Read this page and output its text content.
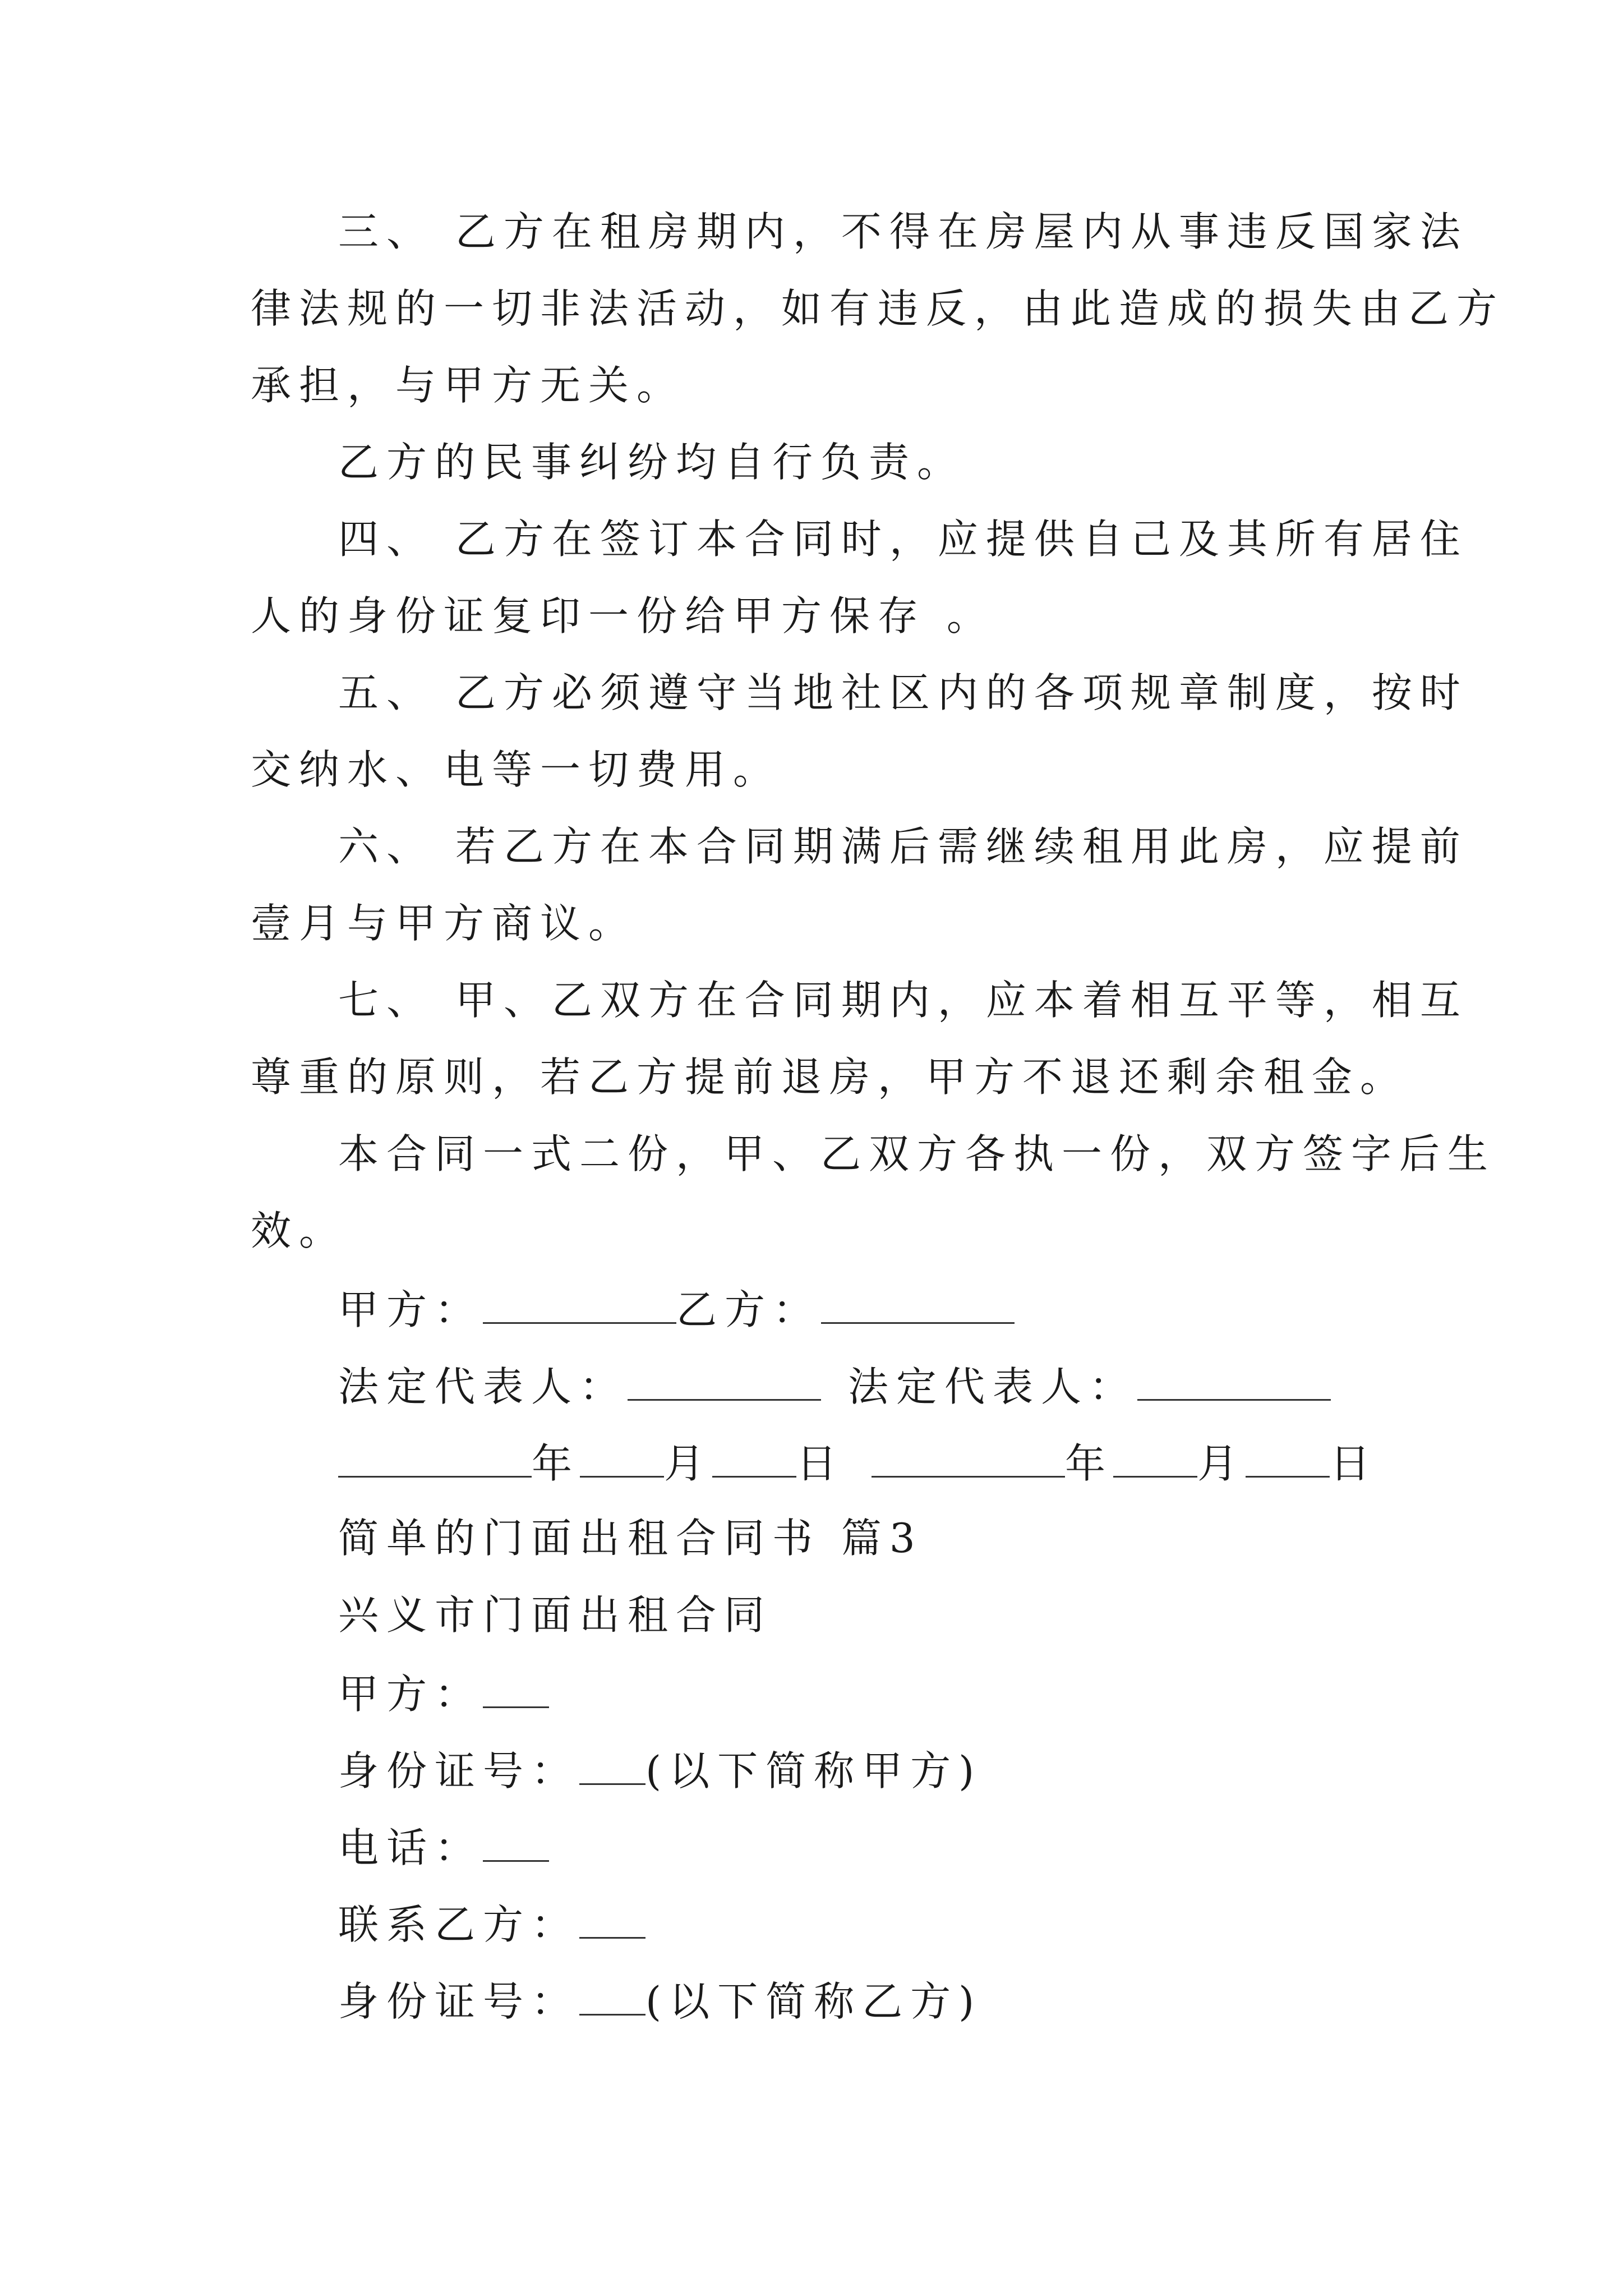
三、 乙方在租房期内，不得在房屋内从事违反国家法
律法规的一切非法活动，如有违反，由此造成的损失由乙方
承担，与甲方无关。
乙方的民事纠纷均自行负责。
四、 乙方在签订本合同时，应提供自己及其所有居住
人的身份证复印一份给甲方保存 。
五、 乙方必须遵守当地社区内的各项规章制度，按时
交纳水、电等一切费用。
六、 若乙方在本合同期满后需继续租用此房，应提前
壹月与甲方商议。
七、 甲、乙双方在合同期内，应本着相互平等，相互
尊重的原则，若乙方提前退房，甲方不退还剩余租金。
本合同一式二份，甲、乙双方各执一份，双方签字后生
效。
甲方：	乙方：
法定代表人：	法定代表人：
年 月 日	年 月 日
简单的门面出租合同书 篇3
兴义市门面出租合同
甲方：
身份证号： (以下简称甲方)
电话：
联系乙方：
身份证号： (以下简称乙方)
